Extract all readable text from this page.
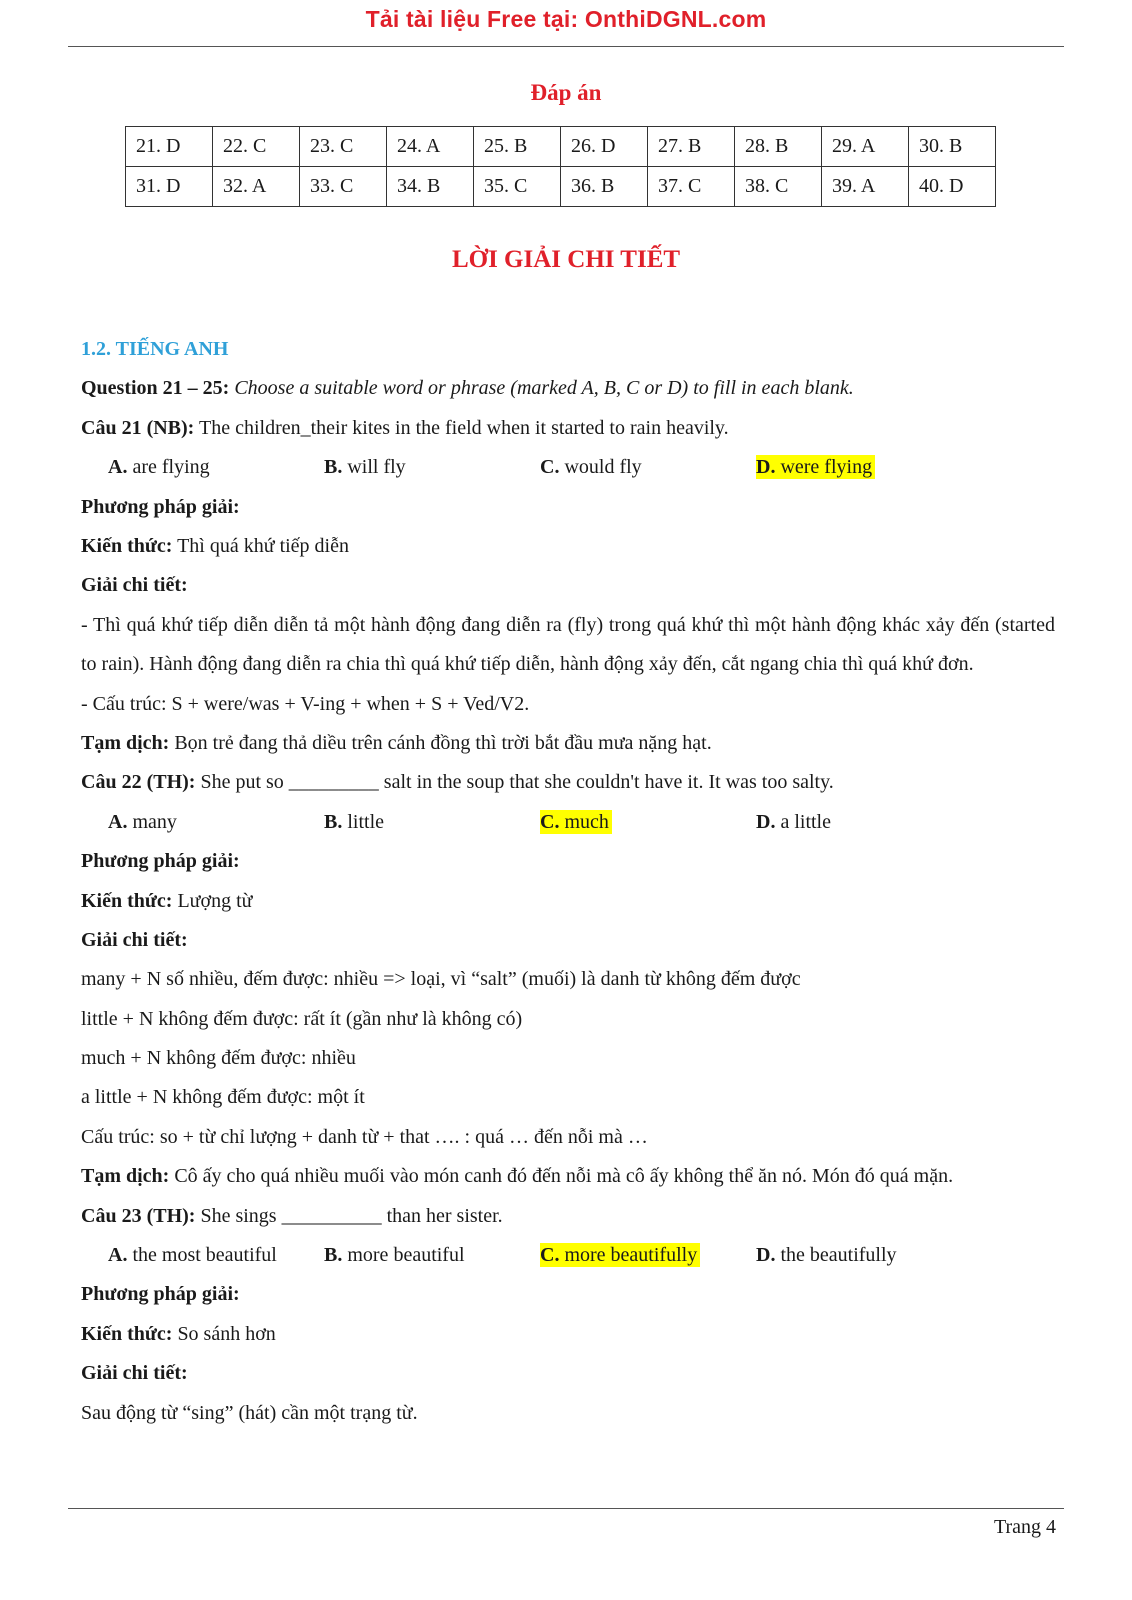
Tải tài liệu Free tại: OnthiDGNL.com
Đáp án
21. D	22. C	23. C	24. A	25. B	26. D	27. B	28. B	29. A	30. B
31. D	32. A	33. C	34. B	35. C	36. B	37. C	38. C	39. A	40. D
LỜI GIẢI CHI TIẾT
1.2. TIẾNG ANH
Question 21 – 25: Choose a suitable word or phrase (marked A, B, C or D) to fill in each blank.
Câu 21 (NB): The children_their kites in the field when it started to rain heavily.
A. are flying	B. will fly	C. would fly	D. were flying
Phương pháp giải:
Kiến thức: Thì quá khứ tiếp diễn
Giải chi tiết:
- Thì quá khứ tiếp diễn diễn tả một hành động đang diễn ra (fly) trong quá khứ thì một hành động khác xảy đến (started to rain). Hành động đang diễn ra chia thì quá khứ tiếp diễn, hành động xảy đến, cắt ngang chia thì quá khứ đơn.
- Cấu trúc: S + were/was + V-ing + when + S + Ved/V2.
Tạm dịch: Bọn trẻ đang thả diều trên cánh đồng thì trời bắt đầu mưa nặng hạt.
Câu 22 (TH): She put so _________ salt in the soup that she couldn't have it. It was too salty.
A. many	B. little	C. much	D. a little
Phương pháp giải:
Kiến thức: Lượng từ
Giải chi tiết:
many + N số nhiều, đếm được: nhiều => loại, vì “salt” (muối) là danh từ không đếm được
little + N không đếm được: rất ít (gần như là không có)
much + N không đếm được: nhiều
a little + N không đếm được: một ít
Cấu trúc: so + từ chỉ lượng + danh từ + that …. : quá … đến nỗi mà …
Tạm dịch: Cô ấy cho quá nhiều muối vào món canh đó đến nỗi mà cô ấy không thể ăn nó. Món đó quá mặn.
Câu 23 (TH): She sings __________ than her sister.
A. the most beautiful	B. more beautiful	C. more beautifully	D. the beautifully
Phương pháp giải:
Kiến thức: So sánh hơn
Giải chi tiết:
Sau động từ “sing” (hát) cần một trạng từ.
Trang 4
